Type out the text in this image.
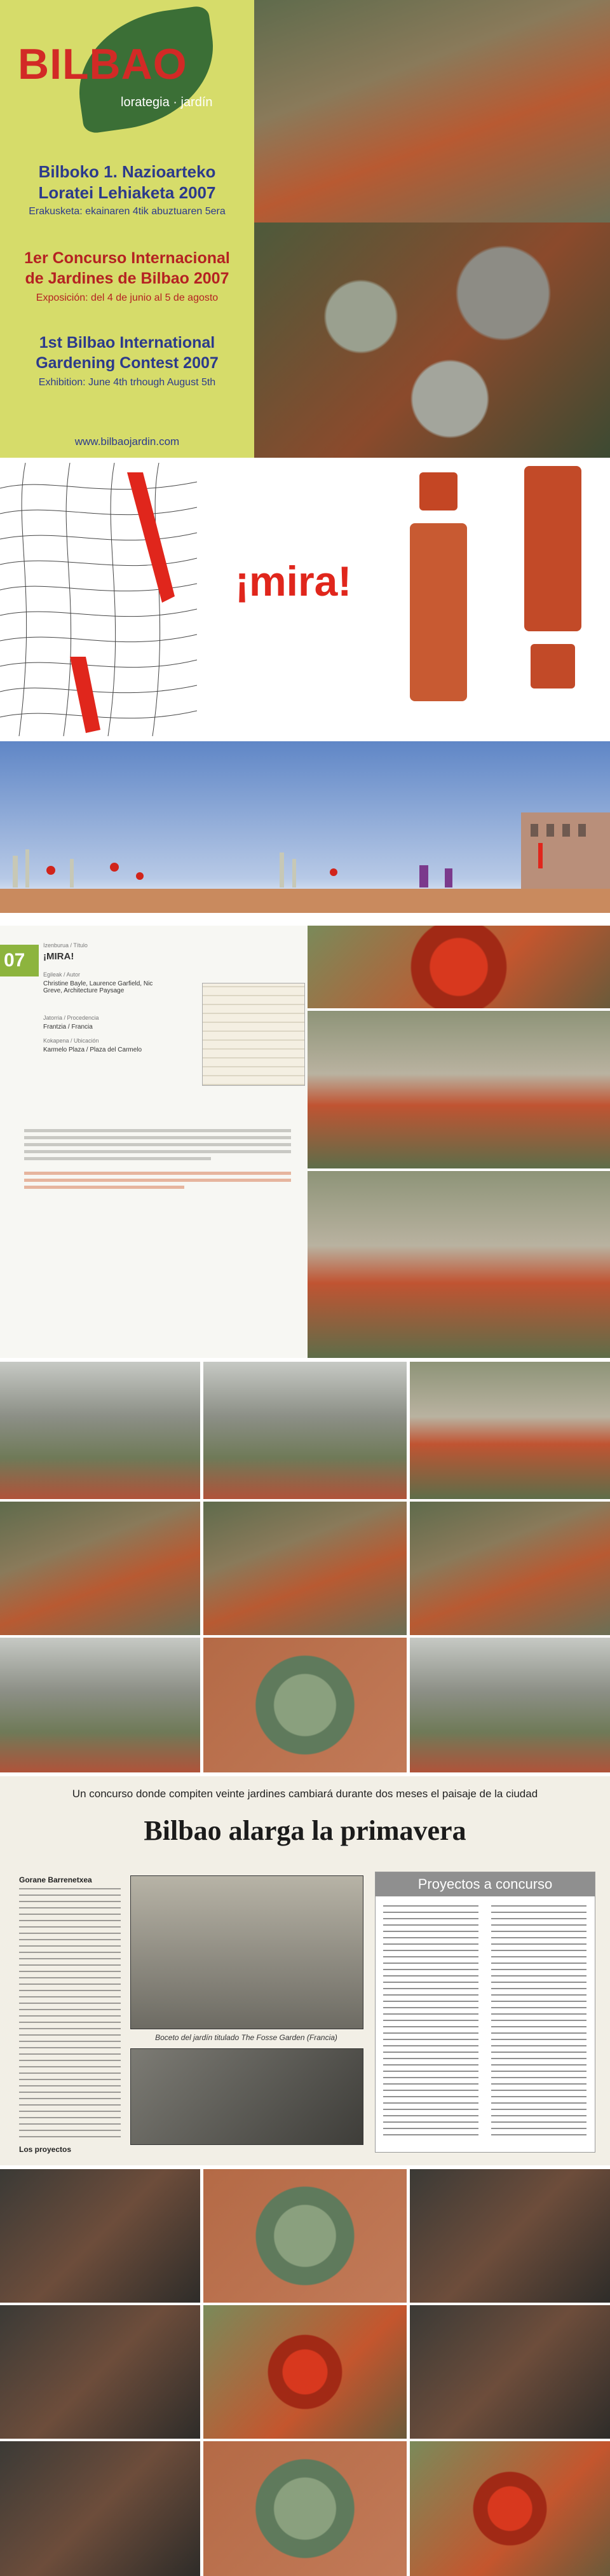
BILBAO
lorategia · jardín
Bilboko 1. Nazioarteko
Loratei Lehiaketa 2007
Erakusketa: ekainaren 4tik abuztuaren 5era
1er Concurso Internacional
de Jardines de Bilbao 2007
Exposición: del 4 de junio al 5 de agosto
1st Bilbao International
Gardening Contest 2007
Exhibition: June 4th trhough August 5th
www.bilbaojardin.com
¡mira!
07
Izenburua / Título
¡MIRA!
Egileak / Autor
Christine Bayle, Laurence Garfield, Nic Greve, Architecture Paysage
Jatorria / Procedencia
Frantzia / Francia
Kokapena / Ubicación
Karmelo Plaza / Plaza del Carmelo
Un concurso donde compiten veinte jardines cambiará durante dos meses el paisaje de la ciudad
Bilbao alarga la primavera
Gorane Barrenetxea
Los proyectos
Boceto del jardín titulado The Fosse Garden (Francia)
Proyectos a concurso
